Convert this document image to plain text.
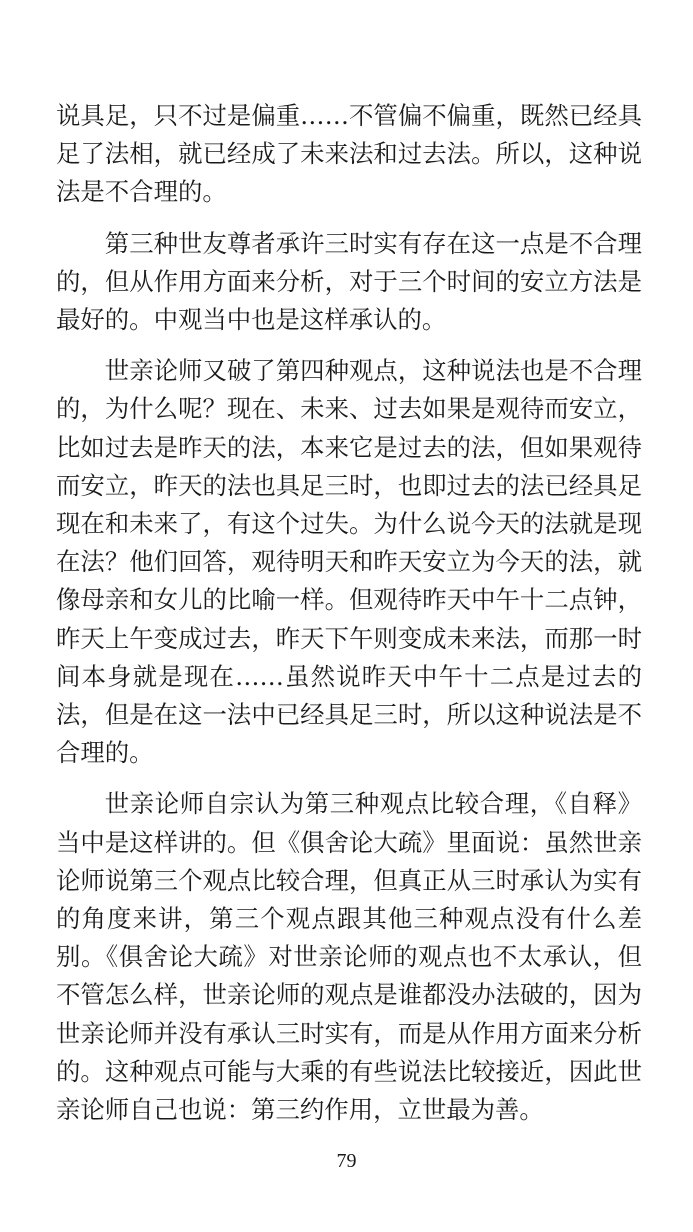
说具足，只不过是偏重……不管偏不偏重，既然已经具足了法相，就已经成了未来法和过去法。所以，这种说法是不合理的。

第三种世友尊者承许三时实有存在这一点是不合理的，但从作用方面来分析，对于三个时间的安立方法是最好的。中观当中也是这样承认的。

世亲论师又破了第四种观点，这种说法也是不合理的，为什么呢？现在、未来、过去如果是观待而安立，比如过去是昨天的法，本来它是过去的法，但如果观待而安立，昨天的法也具足三时，也即过去的法已经具足现在和未来了，有这个过失。为什么说今天的法就是现在法？他们回答，观待明天和昨天安立为今天的法，就像母亲和女儿的比喻一样。但观待昨天中午十二点钟，昨天上午变成过去，昨天下午则变成未来法，而那一时间本身就是现在……虽然说昨天中午十二点是过去的法，但是在这一法中已经具足三时，所以这种说法是不合理的。

世亲论师自宗认为第三种观点比较合理，《自释》当中是这样讲的。但《俱舍论大疏》里面说：虽然世亲论师说第三个观点比较合理，但真正从三时承认为实有的角度来讲，第三个观点跟其他三种观点没有什么差别。《俱舍论大疏》对世亲论师的观点也不太承认，但不管怎么样，世亲论师的观点是谁都没办法破的，因为世亲论师并没有承认三时实有，而是从作用方面来分析的。这种观点可能与大乘的有些说法比较接近，因此世亲论师自己也说：第三约作用，立世最为善。

79
